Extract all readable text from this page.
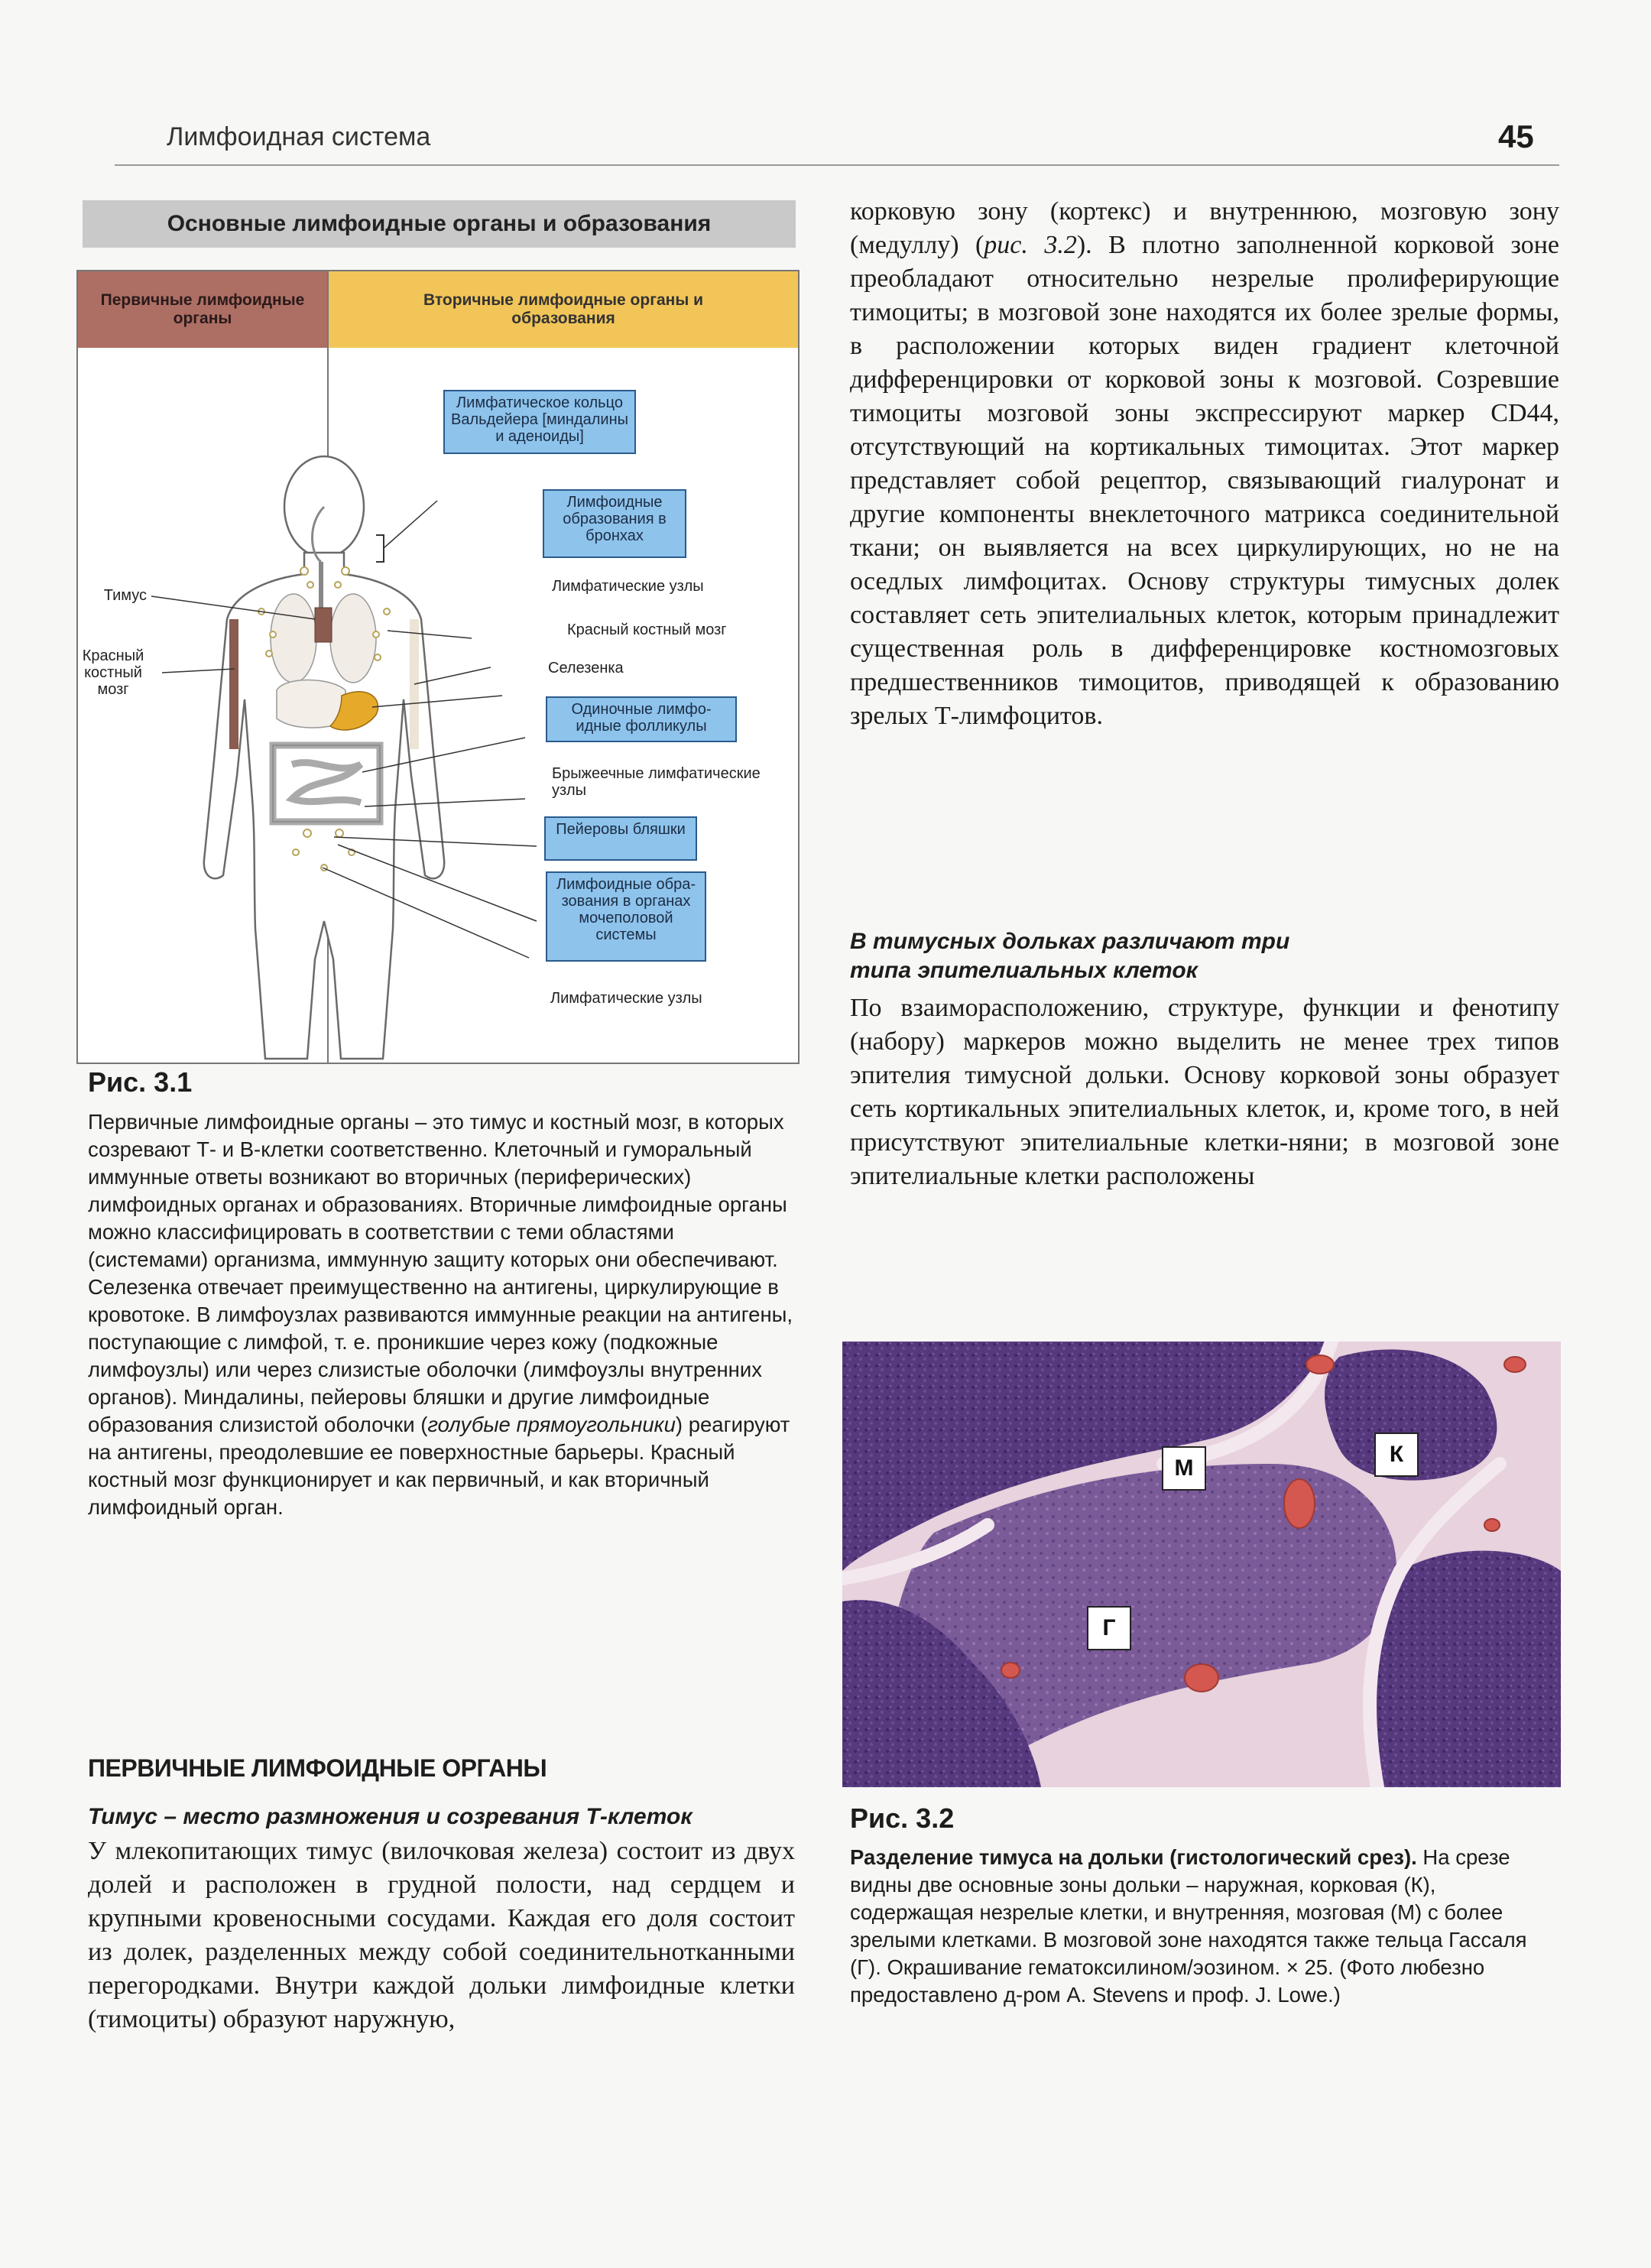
Лимфоидная система	45
Основные лимфоидные органы и образования
Первичные лимфоидные органы
Вторичные лимфоидные органы и образования
Тимус
Красный костный мозг
Лимфатическое кольцо Вальдейера [миндалины и аденоиды]
Лимфоидные образования в бронхах
Лимфатические узлы
Красный костный мозг
Селезенка
Одиночные лимфо- идные фолликулы
Брыжеечные лимфатические узлы
Пейеровы бляшки
Лимфоидные обра- зования в органах мочеполовой системы
Лимфатические узлы
Рис. 3.1
Первичные лимфоидные органы – это тимус и костный мозг, в которых созревают Т- и В-клетки соответственно. Клеточный и гуморальный иммунные ответы возникают во вторичных (периферических) лимфоидных органах и образованиях. Вторичные лимфоидные органы можно классифицировать в соответствии с теми областями (системами) организма, иммунную защиту которых они обеспечивают. Селезенка отвечает преимущественно на антигены, циркулирующие в кровотоке. В лимфоузлах развиваются иммунные реакции на антигены, поступающие с лимфой, т. е. проникшие через кожу (подкожные лимфоузлы) или через слизистые оболочки (лимфоузлы внутренних органов). Миндалины, пейеровы бляшки и другие лимфоидные образования слизистой оболочки (голубые прямоугольники) реагируют на антигены, преодолевшие ее поверхностные барьеры. Красный костный мозг функционирует и как первичный, и как вторичный лимфоидный орган.
ПЕРВИЧНЫЕ ЛИМФОИДНЫЕ ОРГАНЫ
Тимус – место размножения и созревания Т-клеток
У млекопитающих тимус (вилочковая железа) состоит из двух долей и расположен в грудной полости, над сердцем и крупными кровеносными сосудами. Каждая его доля состоит из долек, разделенных между собой соединительнотканными перегородками. Внутри каждой дольки лимфоидные клетки (тимоциты) образуют наружную,
корковую зону (кортекс) и внутреннюю, мозговую зону (медуллу) (рис. 3.2). В плотно заполненной корковой зоне преобладают относительно незрелые пролиферирующие тимоциты; в мозговой зоне находятся их более зрелые формы, в расположении которых виден градиент клеточной дифференцировки от корковой зоны к мозговой. Созревшие тимоциты мозговой зоны экспрессируют маркер CD44, отсутствующий на кортикальных тимоцитах. Этот маркер представляет собой рецептор, связывающий гиалуронат и другие компоненты внеклеточного матрикса соединительной ткани; он выявляется на всех циркулирующих, но не на оседлых лимфоцитах. Основу структуры тимусных долек составляет сеть эпителиальных клеток, которым принадлежит существенная роль в дифференцировке костномозговых предшественников тимоцитов, приводящей к образованию зрелых Т-лимфоцитов.
В тимусных дольках различают три типа эпителиальных клеток
По взаиморасположению, структуре, функции и фенотипу (набору) маркеров можно выделить не менее трех типов эпителия тимусной дольки. Основу корковой зоны образует сеть кортикальных эпителиальных клеток, и, кроме того, в ней присутствуют эпителиальные клетки-няни; в мозговой зоне эпителиальные клетки расположены
М
К
Г
Рис. 3.2
Разделение тимуса на дольки (гистологический срез). На срезе видны две основные зоны дольки – наружная, корковая (К), содержащая незрелые клетки, и внутренняя, мозговая (М) с более зрелыми клетками. В мозговой зоне находятся также тельца Гассаля (Г). Окрашивание гематоксилином/эозином. × 25. (Фото любезно предоставлено д-ром A. Stevens и проф. J. Lowe.)
